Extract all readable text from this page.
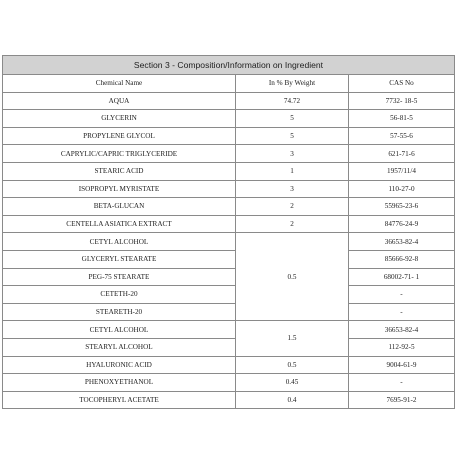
Section 3 - Composition/Information on Ingredient		
Chemical Name	In % By Weight	CAS No
AQUA	74.72	7732- 18-5
GLYCERIN	5	56-81-5
PROPYLENE GLYCOL	5	57-55-6
CAPRYLIC/CAPRIC TRIGLYCERIDE	3	621-71-6
STEARIC ACID	1	1957/11/4
ISOPROPYL MYRISTATE	3	110-27-0
BETA-GLUCAN	2	55965-23-6
CENTELLA ASIATICA EXTRACT	2	84776-24-9
CETYL ALCOHOL	0.5	36653-82-4
GLYCERYL STEARATE		85666-92-8
PEG-75 STEARATE		68002-71- 1
CETETH-20		-
STEARETH-20		-
CETYL ALCOHOL	1.5	36653-82-4
STEARYL ALCOHOL		112-92-5
HYALURONIC ACID	0.5	9004-61-9
PHENOXYETHANOL	0.45	-
TOCOPHERYL ACETATE	0.4	7695-91-2
